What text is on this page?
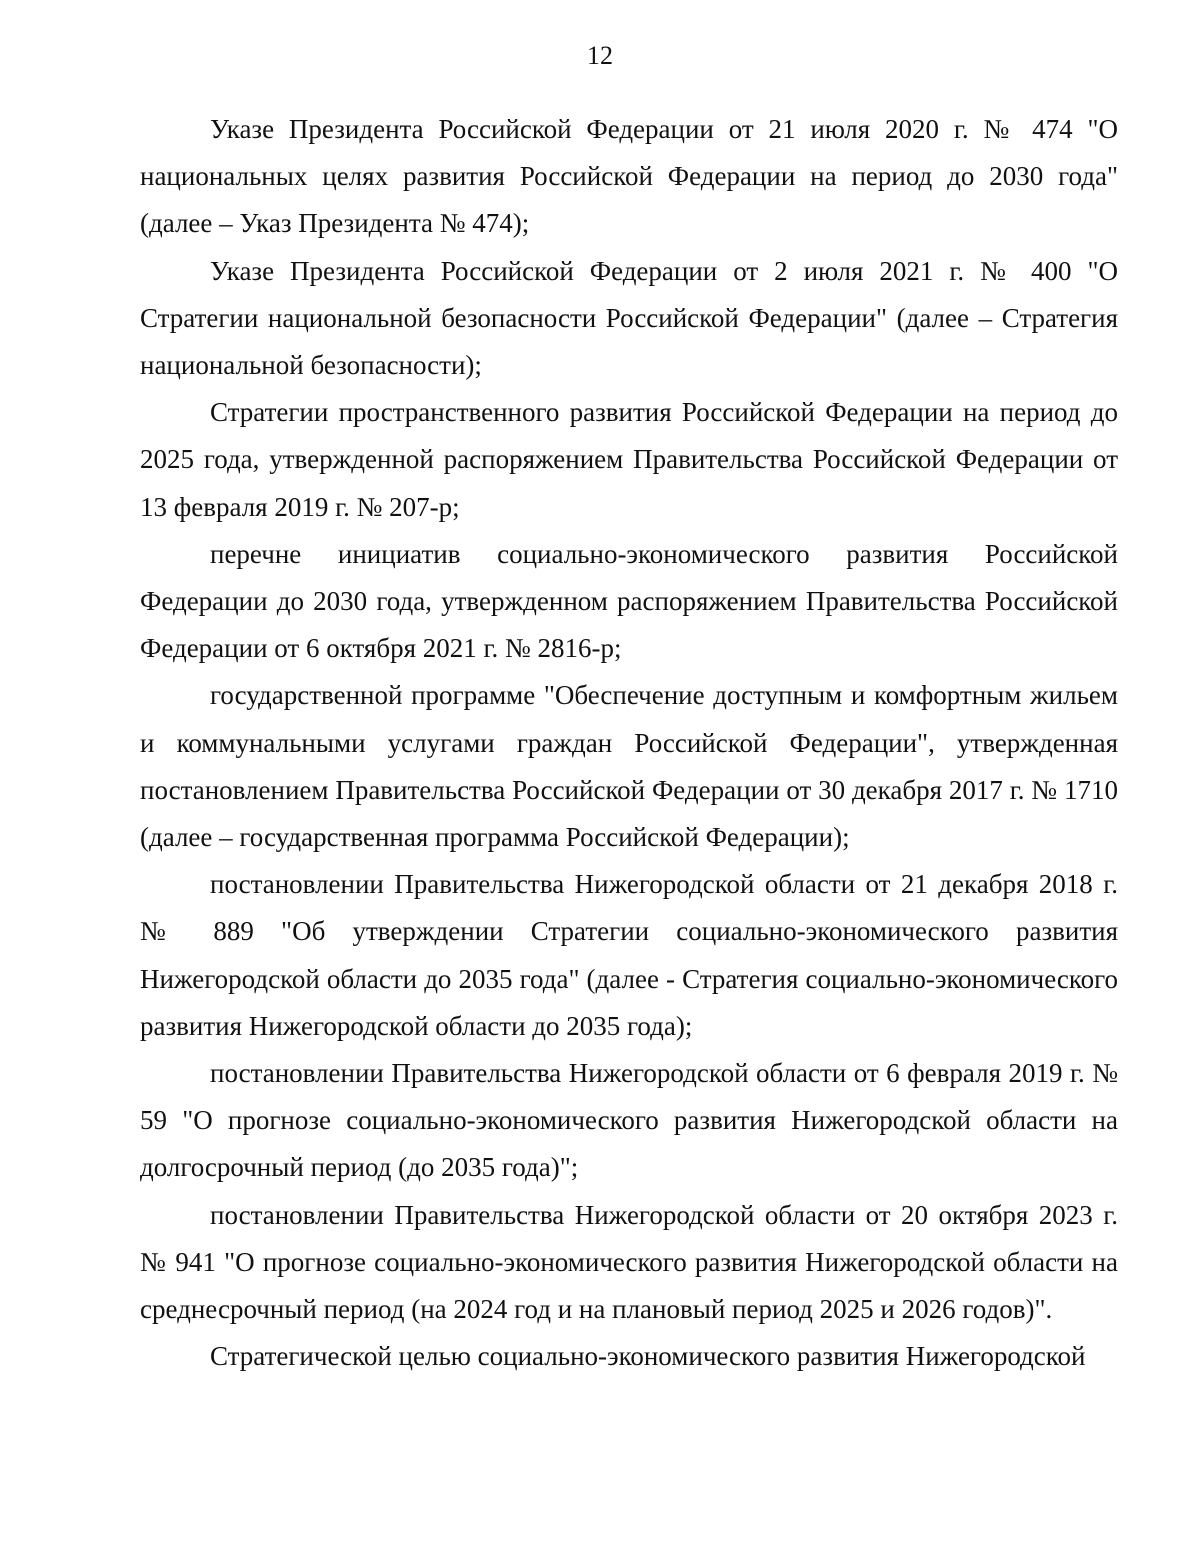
12

Указе Президента Российской Федерации от 21 июля 2020 г. № 474 "О национальных целях развития Российской Федерации на период до 2030 года" (далее – Указ Президента № 474);

Указе Президента Российской Федерации от 2 июля 2021 г. № 400 "О Стратегии национальной безопасности Российской Федерации" (далее – Стратегия национальной безопасности);

Стратегии пространственного развития Российской Федерации на период до 2025 года, утвержденной распоряжением Правительства Российской Федерации от 13 февраля 2019 г. № 207-р;

перечне инициатив социально-экономического развития Российской Федерации до 2030 года, утвержденном распоряжением Правительства Российской Федерации от 6 октября 2021 г. № 2816-р;

государственной программе "Обеспечение доступным и комфортным жильем и коммунальными услугами граждан Российской Федерации", утвержденная постановлением Правительства Российской Федерации от 30 декабря 2017 г. № 1710 (далее – государственная программа Российской Федерации);

постановлении Правительства Нижегородской области от 21 декабря 2018 г. № 889 "Об утверждении Стратегии социально-экономического развития Нижегородской области до 2035 года" (далее - Стратегия социально-экономического развития Нижегородской области до 2035 года);

постановлении Правительства Нижегородской области от 6 февраля 2019 г. № 59 "О прогнозе социально-экономического развития Нижегородской области на долгосрочный период (до 2035 года)";

постановлении Правительства Нижегородской области от 20 октября 2023 г. № 941 "О прогнозе социально-экономического развития Нижегородской области на среднесрочный период (на 2024 год и на плановый период 2025 и 2026 годов)".

Стратегической целью социально-экономического развития Нижегородской
